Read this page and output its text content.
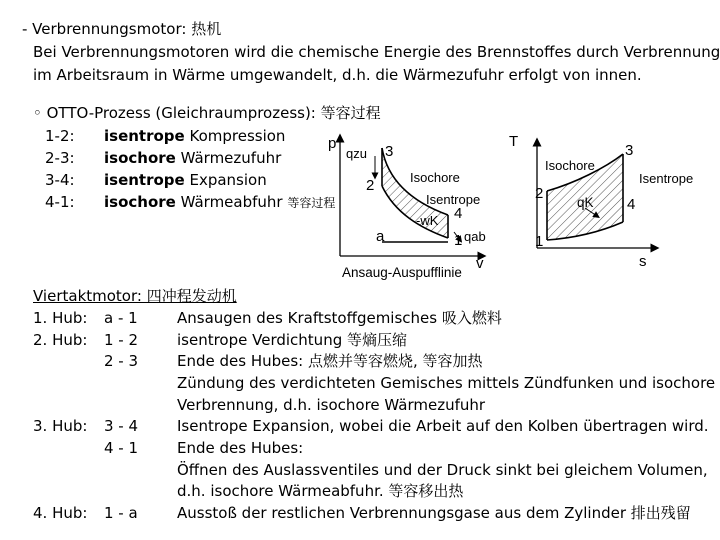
- Verbrennungsmotor: 热机
Bei Verbrennungsmotoren wird die chemische Energie des Brennstoffes durch Verbrennung
im Arbeitsraum in Wärme umgewandelt, d.h. die Wärmezufuhr erfolgt von innen.
◦ OTTO-Prozess (Gleichraumprozess): 等容过程
1-2: isentrope Kompression
2-3: isochore Wärmezufuhr
3-4: isentrope Expansion
4-1: isochore Wärmeabfuhr 等容过程
p
qzu 3
2	Isochore
Isentrope
4
-wK
a	1 qab
v
Ansaug-Auspufflinie
T
Isochore
3
Isentrope
2
qK 4
1
s
Viertaktmotor: 四冲程发动机
1. Hub: a - 1	Ansaugen des Kraftstoffgemisches 吸入燃料
2. Hub: 1 - 2	isentrope Verdichtung 等熵压缩
2 - 3	Ende des Hubes: 点燃并等容燃烧, 等容加热
Zündung des verdichteten Gemisches mittels Zündfunken und isochore
Verbrennung, d.h. isochore Wärmezufuhr
3. Hub: 3 - 4	Isentrope Expansion, wobei die Arbeit auf den Kolben übertragen wird.
4 - 1	Ende des Hubes:
Öffnen des Auslassventiles und der Druck sinkt bei gleichem Volumen,
d.h. isochore Wärmeabfuhr. 等容移出热
4. Hub: 1 - a	Ausstoß der restlichen Verbrennungsgase aus dem Zylinder 排出残留
